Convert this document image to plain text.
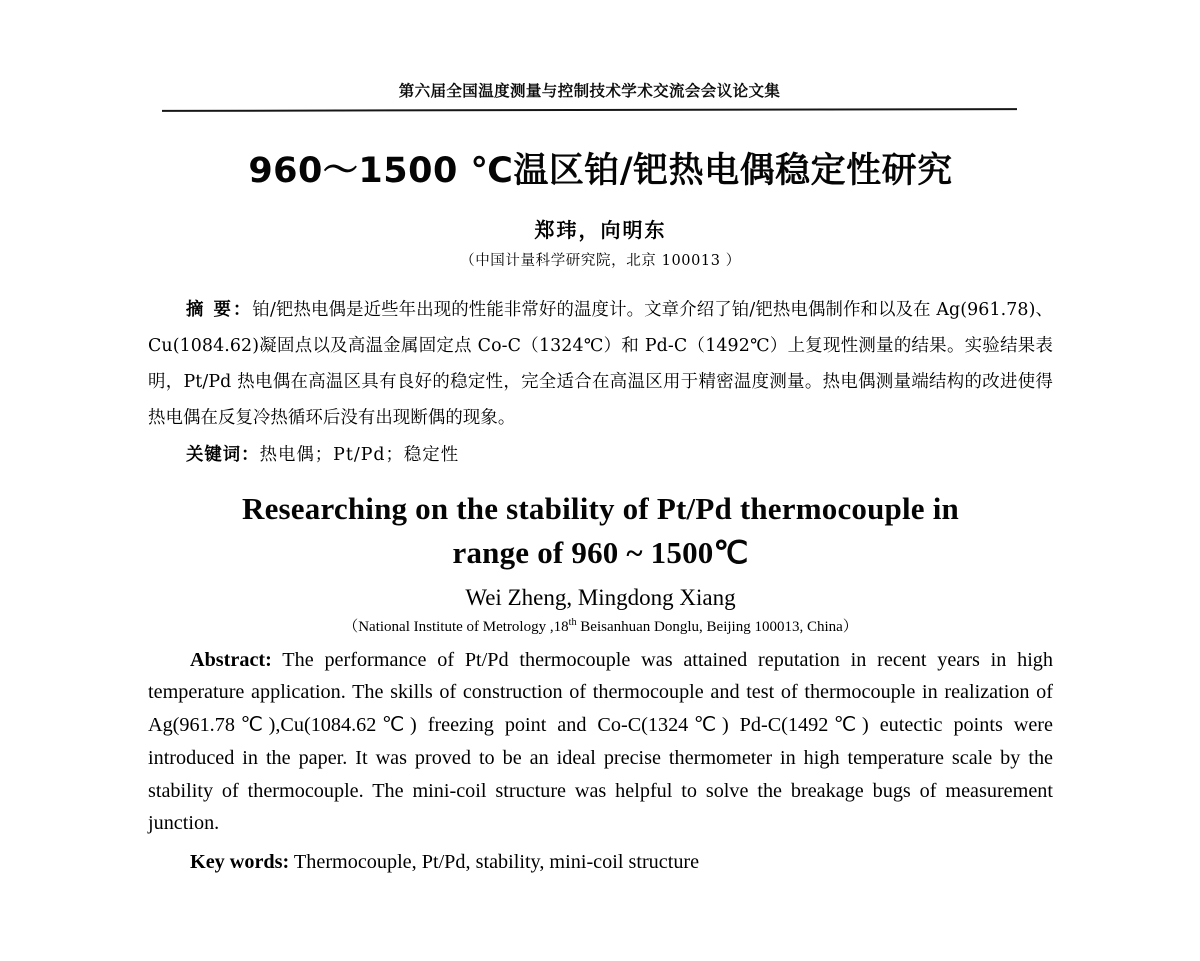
第六届全国温度测量与控制技术学术交流会会议论文集
960～1500 ℃温区铂/钯热电偶稳定性研究
郑玮，向明东
（中国计量科学研究院，北京 100013 ）

摘 要：铂/钯热电偶是近些年出现的性能非常好的温度计。文章介绍了铂/钯热电偶制作和以及在 Ag(961.78)、Cu(1084.62)凝固点以及高温金属固定点 Co-C（1324℃）和 Pd-C（1492℃）上复现性测量的结果。实验结果表明，Pt/Pd 热电偶在高温区具有良好的稳定性，完全适合在高温区用于精密温度测量。热电偶测量端结构的改进使得热电偶在反复冷热循环后没有出现断偶的现象。

关键词：热电偶；Pt/Pd；稳定性

Researching on the stability of Pt/Pd thermocouple in
range of 960 ~ 1500℃
Wei Zheng, Mingdong Xiang
（National Institute of Metrology ,18th Beisanhuan Donglu, Beijing 100013, China）

Abstract: The performance of Pt/Pd thermocouple was attained reputation in recent years in high temperature application. The skills of construction of thermocouple and test of thermocouple in realization of Ag(961.78℃),Cu(1084.62℃) freezing point and Co-C(1324℃) Pd-C(1492℃) eutectic points were introduced in the paper. It was proved to be an ideal precise thermometer in high temperature scale by the stability of thermocouple. The mini-coil structure was helpful to solve the breakage bugs of measurement junction.

Key words: Thermocouple, Pt/Pd, stability, mini-coil structure
